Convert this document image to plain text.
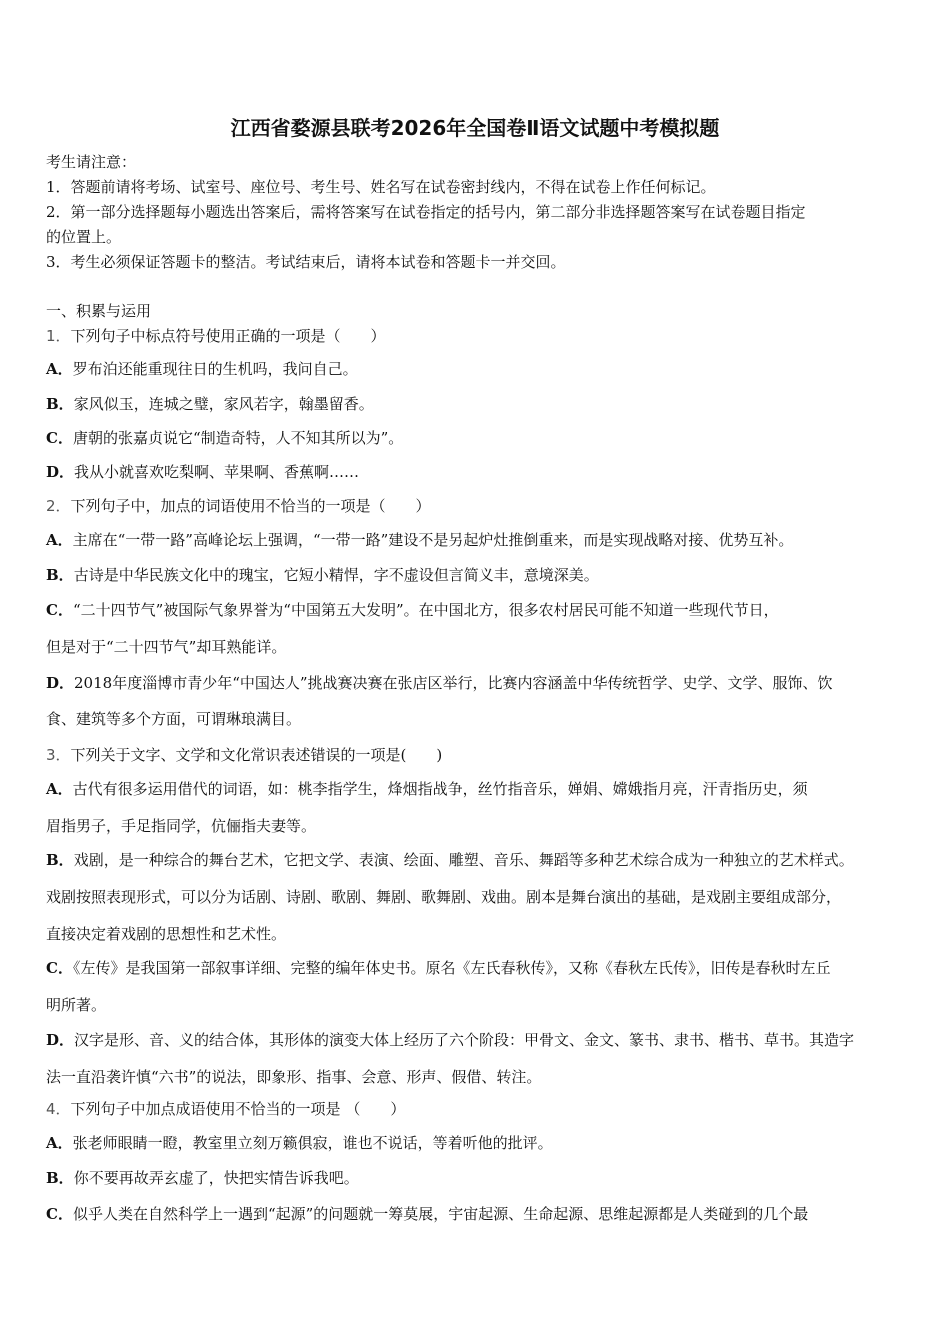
江西省婺源县联考2026年全国卷Ⅱ语文试题中考模拟题
考生请注意：
1．答题前请将考场、试室号、座位号、考生号、姓名写在试卷密封线内，不得在试卷上作任何标记。
2．第一部分选择题每小题选出答案后，需将答案写在试卷指定的括号内，第二部分非选择题答案写在试卷题目指定
的位置上。
3．考生必须保证答题卡的整洁。考试结束后，请将本试卷和答题卡一并交回。
一、积累与运用
1．下列句子中标点符号使用正确的一项是（　　）
A．罗布泊还能重现往日的生机吗，我问自己。
B．家风似玉，连城之璧，家风若字，翰墨留香。
C．唐朝的张嘉贞说它“制造奇特，人不知其所以为”。
D．我从小就喜欢吃梨啊、苹果啊、香蕉啊……
2．下列句子中，加点的词语使用不恰当的一项是（　　）
A．主席在“一带一路”高峰论坛上强调，“一带一路”建设不是另起炉灶推倒重来，而是实现战略对接、优势互补。
B．古诗是中华民族文化中的瑰宝，它短小精悍，字不虚设但言简义丰，意境深美。
C．“二十四节气”被国际气象界誉为“中国第五大发明”。在中国北方，很多农村居民可能不知道一些现代节日，
但是对于“二十四节气”却耳熟能详。
D．2018年度淄博市青少年“中国达人”挑战赛决赛在张店区举行，比赛内容涵盖中华传统哲学、史学、文学、服饰、饮
食、建筑等多个方面，可谓琳琅满目。
3．下列关于文字、文学和文化常识表述错误的一项是(　　)
A．古代有很多运用借代的词语，如：桃李指学生，烽烟指战争，丝竹指音乐，婵娟、嫦娥指月亮，汗青指历史，须
眉指男子，手足指同学，伉俪指夫妻等。
B．戏剧，是一种综合的舞台艺术，它把文学、表演、绘面、雕塑、音乐、舞蹈等多种艺术综合成为一种独立的艺术样式。
戏剧按照表现形式，可以分为话剧、诗剧、歌剧、舞剧、歌舞剧、戏曲。剧本是舞台演出的基础，是戏剧主要组成部分，
直接决定着戏剧的思想性和艺术性。
C．《左传》是我国第一部叙事详细、完整的编年体史书。原名《左氏春秋传》，又称《春秋左氏传》，旧传是春秋时左丘
明所著。
D．汉字是形、音、义的结合体，其形体的演变大体上经历了六个阶段：甲骨文、金文、篆书、隶书、楷书、草书。其造字
法一直沿袭许慎“六书”的说法，即象形、指事、会意、形声、假借、转注。
4．下列句子中加点成语使用不恰当的一项是 （　　）
A．张老师眼睛一瞪，教室里立刻万籁俱寂，谁也不说话，等着听他的批评。
B．你不要再故弄玄虚了，快把实情告诉我吧。
C．似乎人类在自然科学上一遇到“起源”的问题就一筹莫展，宇宙起源、生命起源、思维起源都是人类碰到的几个最
